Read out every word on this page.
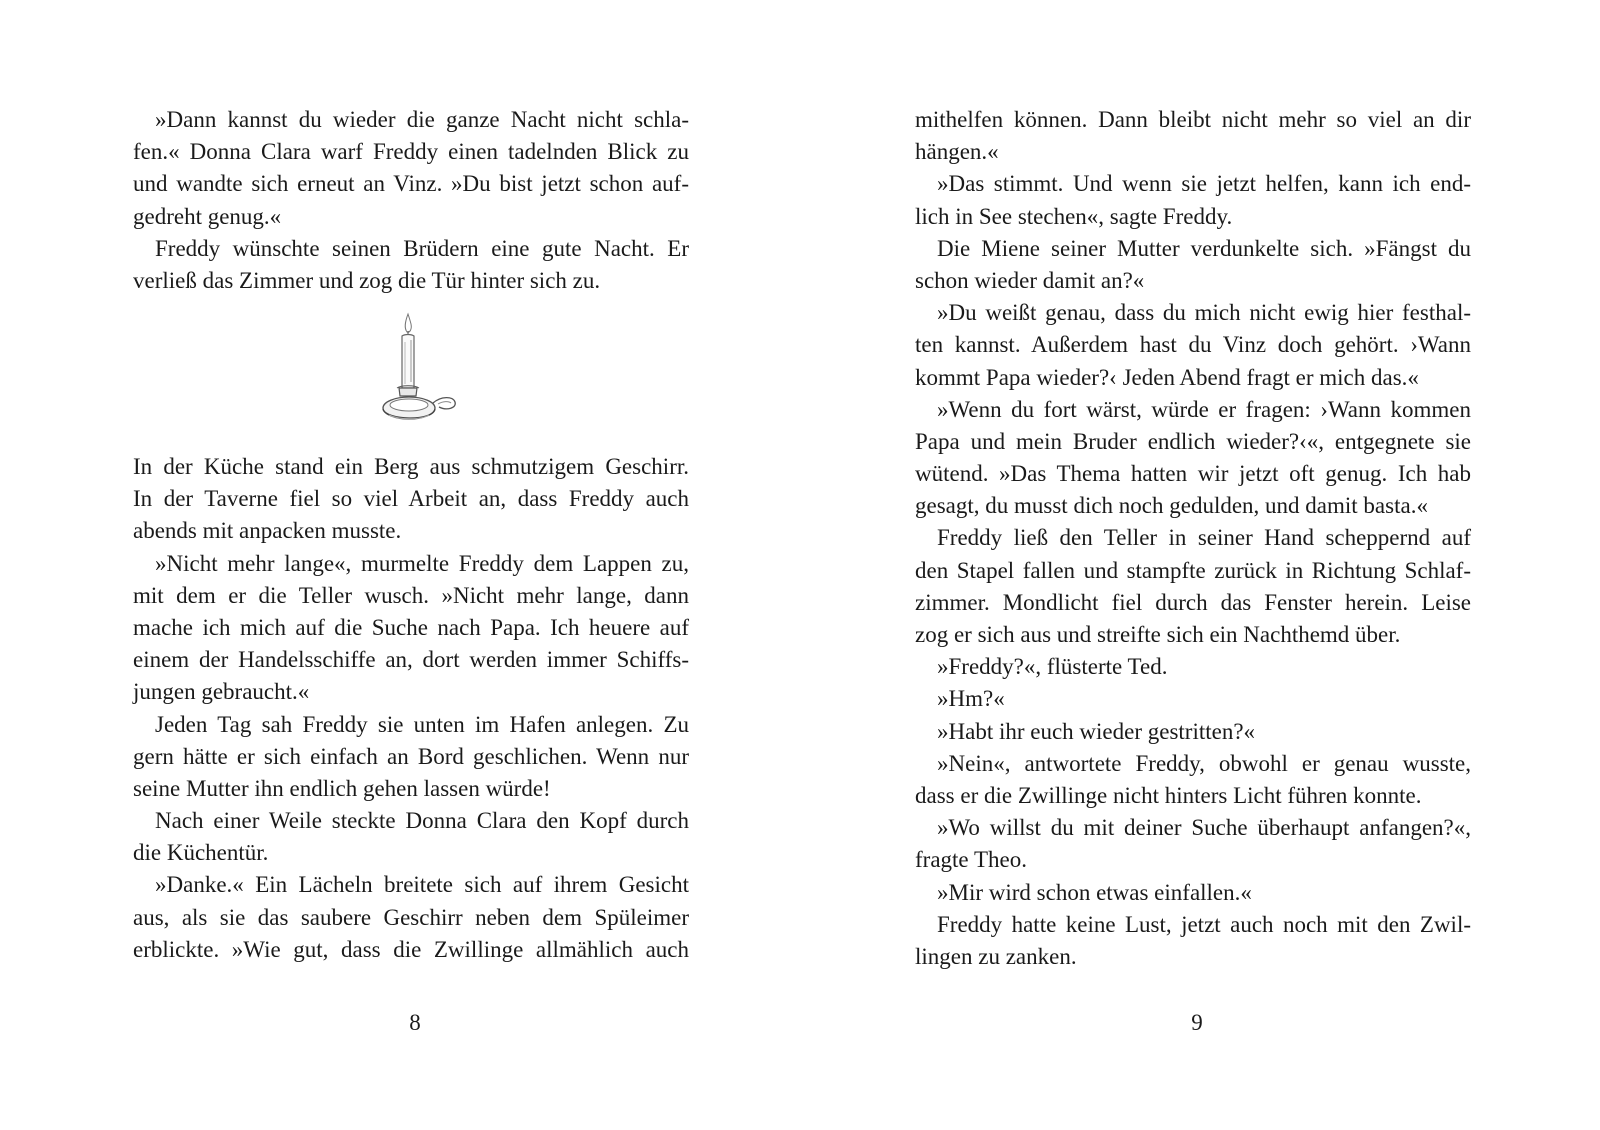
»Dann kannst du wieder die ganze Nacht nicht schla-
fen.« Donna Clara warf Freddy einen tadelnden Blick zu
und wandte sich erneut an Vinz. »Du bist jetzt schon auf-
gedreht genug.«
Freddy wünschte seinen Brüdern eine gute Nacht. Er
verließ das Zimmer und zog die Tür hinter sich zu.
In der Küche stand ein Berg aus schmutzigem Geschirr.
In der Taverne fiel so viel Arbeit an, dass Freddy auch
abends mit anpacken musste.
»Nicht mehr lange«, murmelte Freddy dem Lappen zu,
mit dem er die Teller wusch. »Nicht mehr lange, dann
mache ich mich auf die Suche nach Papa. Ich heuere auf
einem der Handelsschiffe an, dort werden immer Schiffs-
jungen gebraucht.«
Jeden Tag sah Freddy sie unten im Hafen anlegen. Zu
gern hätte er sich einfach an Bord geschlichen. Wenn nur
seine Mutter ihn endlich gehen lassen würde!
Nach einer Weile steckte Donna Clara den Kopf durch
die Küchentür.
»Danke.« Ein Lächeln breitete sich auf ihrem Gesicht
aus, als sie das saubere Geschirr neben dem Spüleimer
erblickte. »Wie gut, dass die Zwillinge allmählich auch
8
mithelfen können. Dann bleibt nicht mehr so viel an dir
hängen.«
»Das stimmt. Und wenn sie jetzt helfen, kann ich end-
lich in See stechen«, sagte Freddy.
Die Miene seiner Mutter verdunkelte sich. »Fängst du
schon wieder damit an?«
»Du weißt genau, dass du mich nicht ewig hier festhal-
ten kannst. Außerdem hast du Vinz doch gehört. ›Wann
kommt Papa wieder?‹ Jeden Abend fragt er mich das.«
»Wenn du fort wärst, würde er fragen: ›Wann kommen
Papa und mein Bruder endlich wieder?‹«, entgegnete sie
wütend. »Das Thema hatten wir jetzt oft genug. Ich hab
gesagt, du musst dich noch gedulden, und damit basta.«
Freddy ließ den Teller in seiner Hand scheppernd auf
den Stapel fallen und stampfte zurück in Richtung Schlaf-
zimmer. Mondlicht fiel durch das Fenster herein. Leise
zog er sich aus und streifte sich ein Nachthemd über.
»Freddy?«, flüsterte Ted.
»Hm?«
»Habt ihr euch wieder gestritten?«
»Nein«, antwortete Freddy, obwohl er genau wusste,
dass er die Zwillinge nicht hinters Licht führen konnte.
»Wo willst du mit deiner Suche überhaupt anfangen?«,
fragte Theo.
»Mir wird schon etwas einfallen.«
Freddy hatte keine Lust, jetzt auch noch mit den Zwil-
lingen zu zanken.
9
